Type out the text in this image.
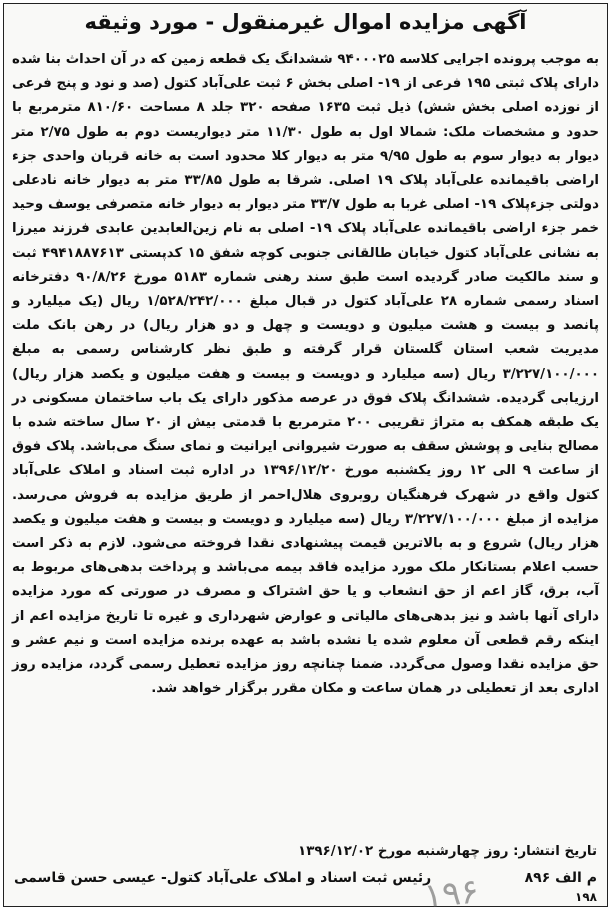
آگهی مزایده اموال غیرمنقول - مورد وثیقه
به موجب پرونده اجرایی کلاسه ۹۴۰۰۰۲۵ ششدانگ یک قطعه زمین که در آن احداث بنا شده دارای پلاک ثبتی ۱۹۵ فرعی از ۱۹- اصلی بخش ۶ ثبت علی‌آباد کتول (صد و نود و پنج فرعی از نوزده اصلی بخش شش) ذیل ثبت ۱۶۳۵ صفحه ۳۲۰ جلد ۸ مساحت ۸۱۰/۶۰ مترمربع با حدود و مشخصات ملک: شمالا اول به طول ۱۱/۳۰ متر دیواریست دوم به طول ۲/۷۵ متر دیوار به دیوار سوم به طول ۹/۹۵ متر به دیوار کلا محدود است به خانه قربان واحدی جزء اراضی باقیمانده علی‌آباد پلاک ۱۹ اصلی. شرقا به طول ۳۳/۸۵ متر به دیوار خانه نادعلی دولتی جزءپلاک ۱۹- اصلی غربا به طول ۳۳/۷ متر دیوار به دیوار خانه متصرفی یوسف وحید خمر جزء اراضی باقیمانده علی‌آباد پلاک ۱۹- اصلی به نام زین‌العابدین عابدی فرزند میرزا به نشانی علی‌آباد کتول خیابان طالقانی جنوبی کوچه شفق ۱۵ کدپستی ۴۹۴۱۸۸۷۶۱۳ ثبت و سند مالکیت صادر گردیده است طبق سند رهنی شماره ۵۱۸۳ مورخ ۹۰/۸/۲۶ دفترخانه اسناد رسمی شماره ۲۸ علی‌آباد کتول در قبال مبلغ ۱/۵۲۸/۲۴۲/۰۰۰ ریال (یک میلیارد و پانصد و بیست و هشت میلیون و دویست و چهل و دو هزار ریال) در رهن بانک ملت مدیریت شعب استان گلستان قرار گرفته و طبق نظر کارشناس رسمی به مبلغ ۳/۲۲۷/۱۰۰/۰۰۰ ریال (سه میلیارد و دویست و بیست و هفت میلیون و یکصد هزار ریال) ارزیابی گردیده. ششدانگ پلاک فوق در عرصه مذکور دارای یک باب ساختمان مسکونی در یک طبقه همکف به متراژ تقریبی ۲۰۰ مترمربع با قدمتی بیش از ۲۰ سال ساخته شده با مصالح بنایی و پوشش سقف به صورت شیروانی ایرانیت و نمای سنگ می‌باشد. پلاک فوق از ساعت ۹ الی ۱۲ روز یکشنبه مورخ ۱۳۹۶/۱۲/۲۰ در اداره ثبت اسناد و املاک علی‌آباد کتول واقع در شهرک فرهنگیان روبروی هلال‌احمر از طریق مزایده به فروش می‌رسد. مزایده از مبلغ ۳/۲۲۷/۱۰۰/۰۰۰ ریال (سه میلیارد و دویست و بیست و هفت میلیون و یکصد هزار ریال) شروع و به بالاترین قیمت پیشنهادی نقدا فروخته می‌شود. لازم به ذکر است حسب اعلام بستانکار ملک مورد مزایده فاقد بیمه می‌باشد و پرداخت بدهی‌های مربوط به آب، برق، گاز اعم از حق انشعاب و یا حق اشتراک و مصرف در صورتی که مورد مزایده دارای آنها باشد و نیز بدهی‌های مالیاتی و عوارض شهرداری و غیره تا تاریخ مزایده اعم از اینکه رقم قطعی آن معلوم شده یا نشده باشد به عهده برنده مزایده است و نیم عشر و حق مزایده نقدا وصول می‌گردد. ضمنا چنانچه روز مزایده تعطیل رسمی گردد، مزایده روز اداری بعد از تعطیلی در همان ساعت و مکان مقرر برگزار خواهد شد.
تاریخ انتشار: روز چهارشنبه مورخ ۱۳۹۶/۱۲/۰۲
م الف ۸۹۶
رئیس ثبت اسناد و املاک علی‌آباد کتول- عیسی حسن قاسمی
۱۹۶	۱۹۸
